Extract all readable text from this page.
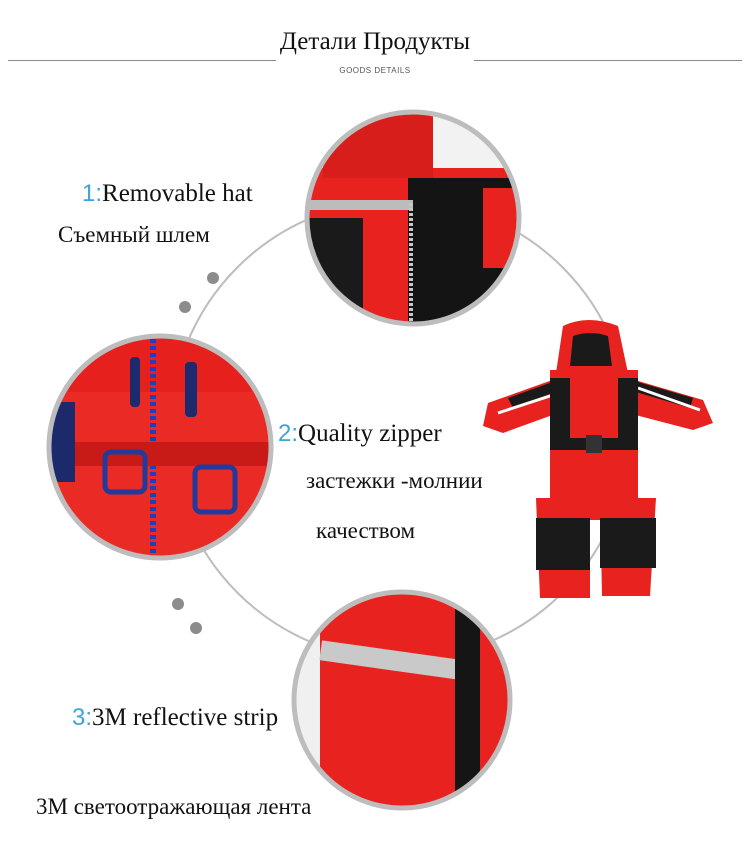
Детали Продукты
GOODS DETAILS
1:Removable hat
Съемный шлем
2:Quality zipper
застежки -молнии
качеством
3:3M reflective strip
3M светоотражающая лента
